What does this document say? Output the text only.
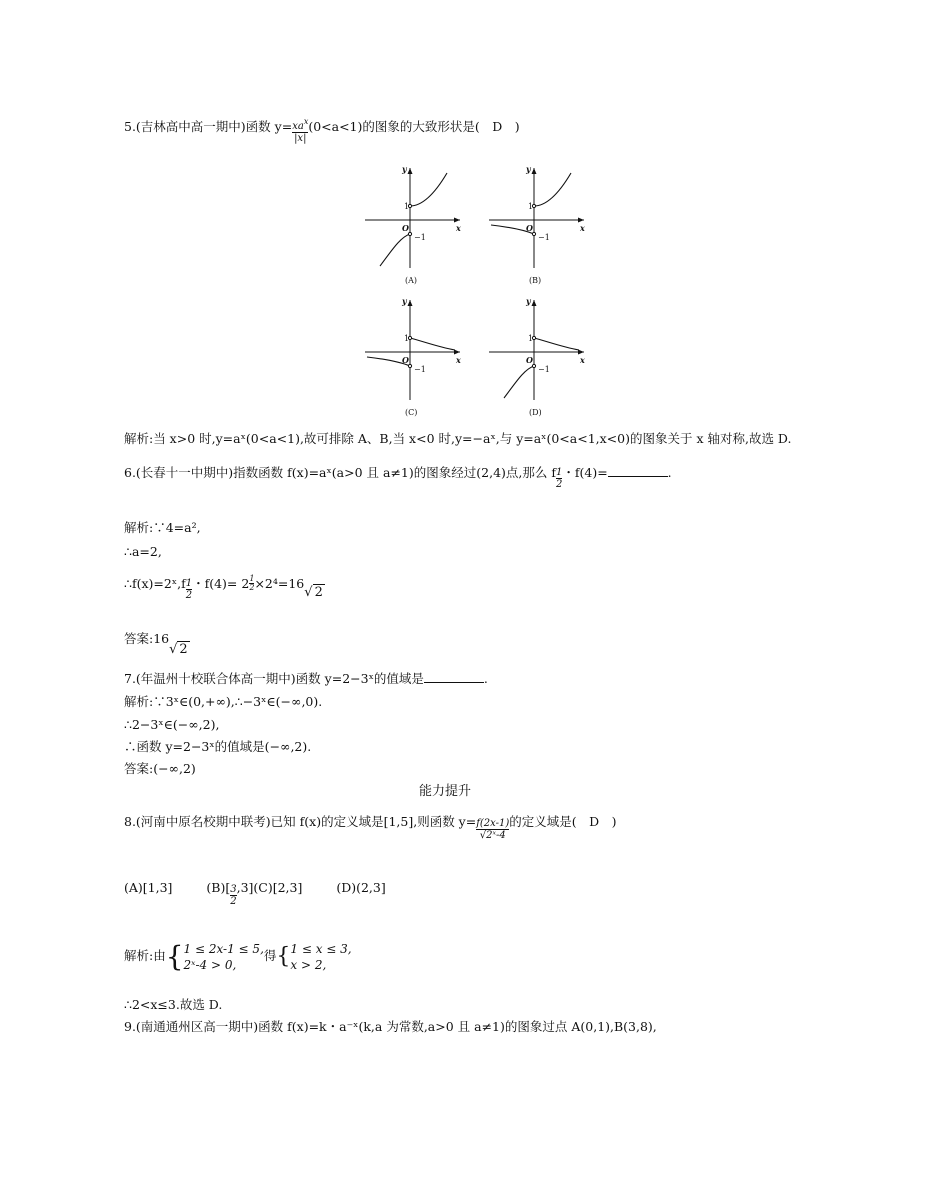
5.(吉林高中高一期中)函数 $y= \frac{xa^x}{|x|} (0<a<1)$的图象的大致形状是(　D　)
y
x
O
1
−1
(A)
y
x
O
1
−1
(B)
y
x
O
1
−1
(C)
y
x
O
1
−1
(D)
解析:当 x>0 时,y=aˣ(0<a<1),故可排除 A、B,当 x<0 时,y=−aˣ,与 y=aˣ(0<a<1,x<0)的图象关于 x 轴对称,故选 D.
6.(长春十一中期中)指数函数 f(x)=aˣ(a>0 且 a≠1)的图象经过(2,4)点,那么 f $\frac{1}{2}$ ・f(4)=	.
解析:∵4=a²,
∴a=2,
∴f(x)=2ˣ,f $\frac{1}{2}$ ・$f(4)= 2 \frac{1}{2} \times 2^4=16√$ 2
答案:16√ 2
7.(年温州十校联合体高一期中)函数 y=2−3ˣ的值域是	.
解析:∵3ˣ∈(0,+∞),∴−3ˣ∈(−∞,0).
∴2−3ˣ∈(−∞,2),
∴函数 y=2−3ˣ的值域是(−∞,2).
答案:(−∞,2)
能力提升
8.(河南中原名校期中联考)已知 f(x)的定义域是[1,5],则函数 $y= \frac{f(2x-1)}{\text{√2ˣ-4}}$ 的定义域是(　D　)
(A)[1,3]	$(B)[ \frac{3}{2} ,3](C)[2,3]$	(D)(2,3]
解析:由{ 1 ≤ 2x-1 ≤ 5,
2ˣ-4 > 0,
得{ 1 ≤ x ≤ 3,
x > 2,
∴2<x≤3.故选 D.
9.(南通通州区高一期中)函数 f(x)=k・a⁻ˣ(k,a 为常数,a>0 且 a≠1)的图象过点 A(0,1),B(3,8),
